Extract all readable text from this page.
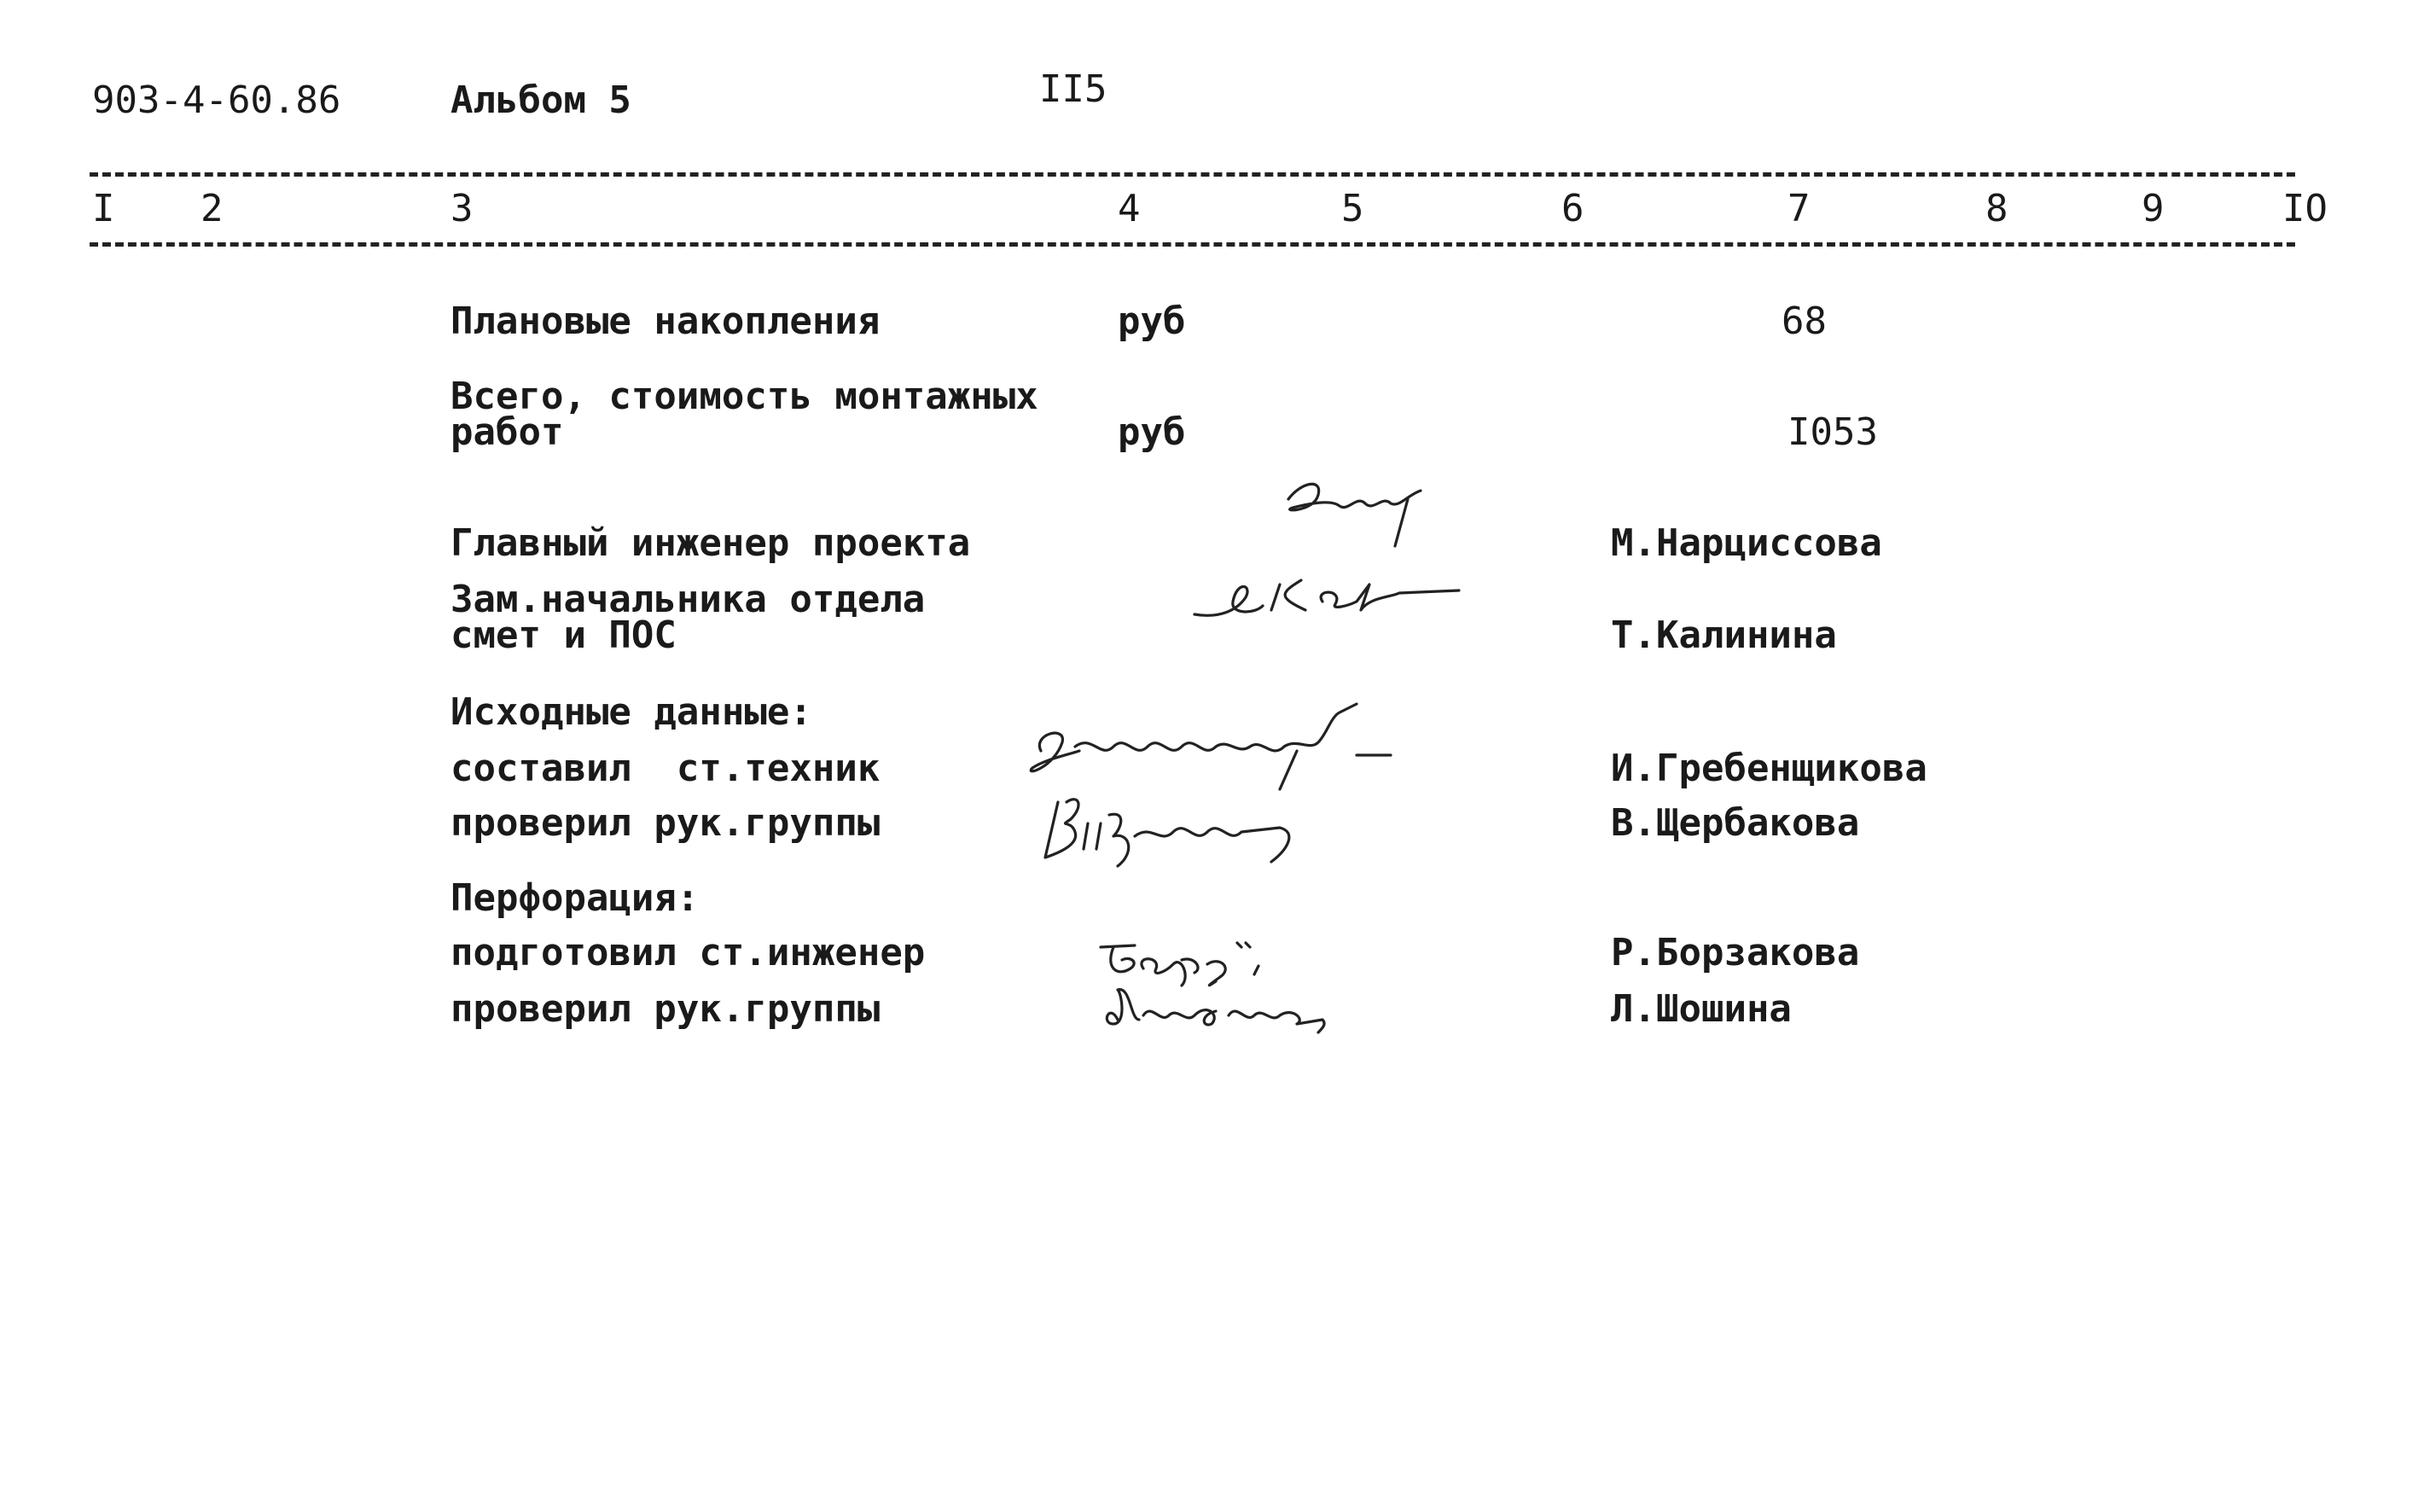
903-4-60.86	Альбом 5	II5
I 2	3	4	5	6	7	8	9	IO
Плановые накопления	руб	68
Всего, стоимость монтажных
работ	руб	I053
Главный инженер проекта	М.Нарциссова
Зам.начальника отдела
смет и ПОС	Т.Калинина
Исходные данные:
составил  ст.техник	И.Гребенщикова
проверил рук.группы	В.Щербакова
Перфорация:
подготовил ст.инженер	Р.Борзакова
проверил рук.группы	Л.Шошина
